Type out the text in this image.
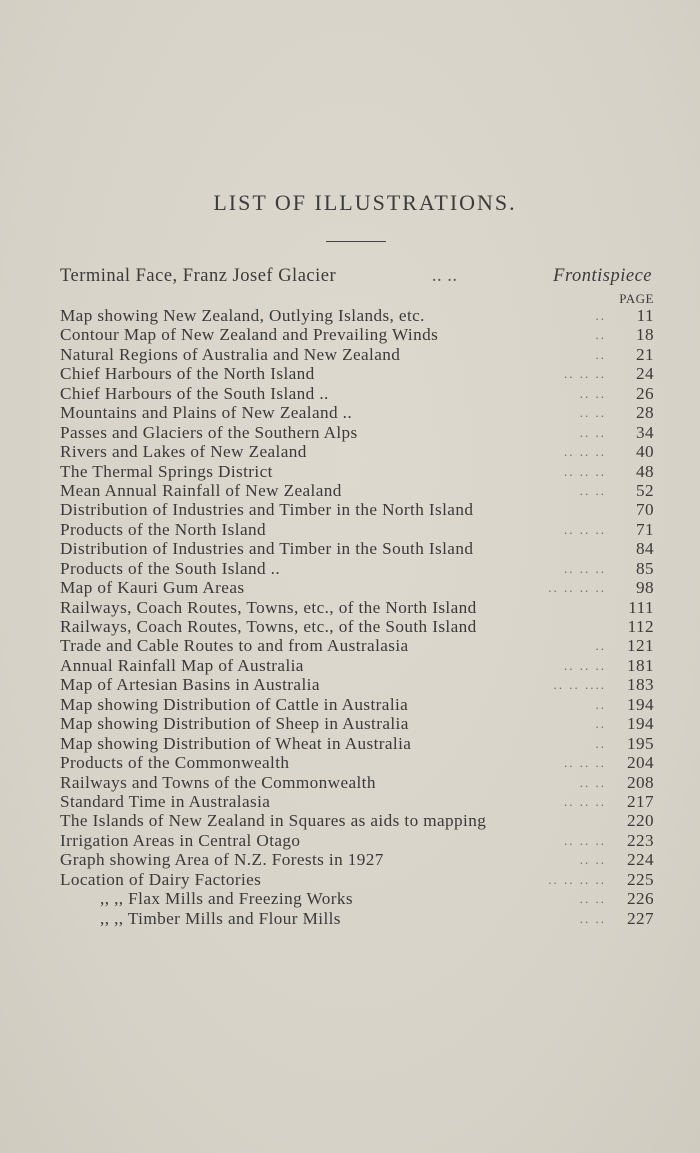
LIST OF ILLUSTRATIONS.
Terminal Face, Franz Josef Glacier	.. ..	Frontispiece
PAGE
Map showing New Zealand, Outlying Islands, etc.	..	11
Contour Map of New Zealand and Prevailing Winds	..	18
Natural Regions of Australia and New Zealand	..	21
Chief Harbours of the North Island	.. .. ..	24
Chief Harbours of the South Island ..	.. ..	26
Mountains and Plains of New Zealand ..	.. ..	28
Passes and Glaciers of the Southern Alps	.. ..	34
Rivers and Lakes of New Zealand	.. .. ..	40
The Thermal Springs District	.. .. ..	48
Mean Annual Rainfall of New Zealand	.. ..	52
Distribution of Industries and Timber in the North Island	70
Products of the North Island	.. .. ..	71
Distribution of Industries and Timber in the South Island	84
Products of the South Island ..	.. .. ..	85
Map of Kauri Gum Areas	.. .. .. ..	98
Railways, Coach Routes, Towns, etc., of the North Island	111
Railways, Coach Routes, Towns, etc., of the South Island	112
Trade and Cable Routes to and from Australasia	..	121
Annual Rainfall Map of Australia	.. .. ..	181
Map of Artesian Basins in Australia	.. .. ....	183
Map showing Distribution of Cattle in Australia	..	194
Map showing Distribution of Sheep in Australia	..	194
Map showing Distribution of Wheat in Australia	..	195
Products of the Commonwealth	.. .. ..	204
Railways and Towns of the Commonwealth	.. ..	208
Standard Time in Australasia	.. .. ..	217
The Islands of New Zealand in Squares as aids to mapping	220
Irrigation Areas in Central Otago	.. .. ..	223
Graph showing Area of N.Z. Forests in 1927	.. ..	224
Location of Dairy Factories	.. .. .. ..	225
,, ,, Flax Mills and Freezing Works	.. ..	226
,, ,, Timber Mills and Flour Mills	.. ..	227
